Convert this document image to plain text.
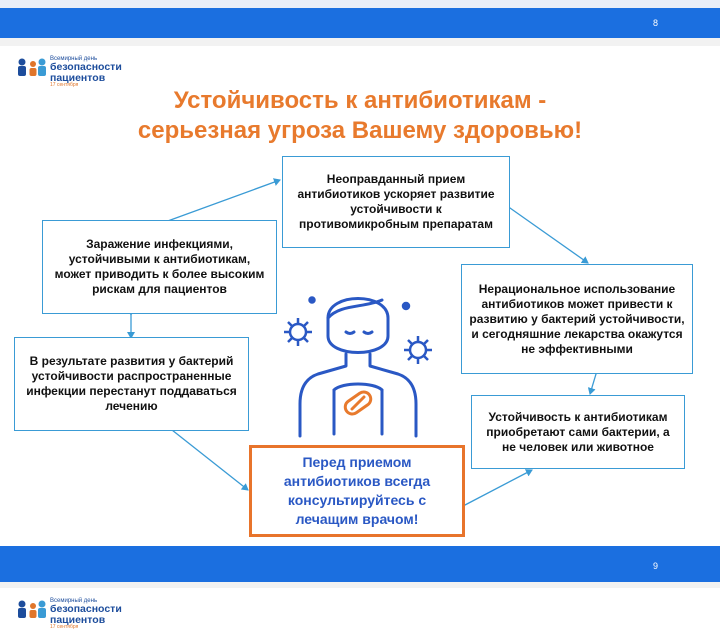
8
Всемирный день
безопасности
пациентов
17 сентября
Устойчивость к антибиотикам -
серьезная угроза Вашему здоровью!
Неоправданный прием антибиотиков ускоряет развитие устойчивости к противомикробным препаратам
Заражение инфекциями, устойчивыми к антибиотикам, может приводить к более высоким рискам для пациентов
В результате развития у бактерий устойчивости распространенные инфекции перестанут поддаваться лечению
Нерациональное использование антибиотиков может привести к развитию у бактерий устойчивости, и сегодняшние лекарства окажутся не эффективными
Устойчивость к антибиотикам приобретают сами бактерии, а не человек или животное
Перед приемом антибиотиков всегда консультируйтесь с лечащим врачом!
9
Всемирный день
безопасности
пациентов
17 сентября
